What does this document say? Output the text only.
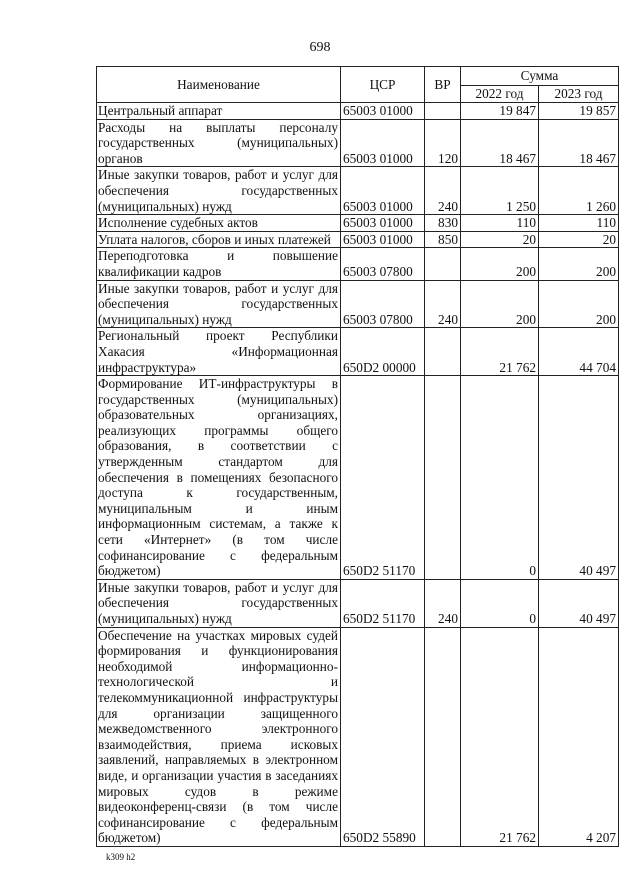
698
Наименование	ЦСР	ВР	Сумма	
			2022 год	2023 год
Центральный аппарат	65003 01000		19 847	19 857
Расходы на выплаты персоналу государственных (муниципальных) органов	65003 01000	120	18 467	18 467
Иные закупки товаров, работ и услуг для обеспечения государственных (муниципальных) нужд	65003 01000	240	1 250	1 260
Исполнение судебных актов	65003 01000	830	110	110
Уплата налогов, сборов и иных платежей	65003 01000	850	20	20
Переподготовка и повышение квалификации кадров	65003 07800		200	200
Иные закупки товаров, работ и услуг для обеспечения государственных (муниципальных) нужд	65003 07800	240	200	200
Региональный проект Республики Хакасия «Информационная инфраструктура»	650D2 00000		21 762	44 704
Формирование ИТ-инфраструктуры в государственных (муниципальных) образовательных организациях, реализующих программы общего образования, в соответствии с утвержденным стандартом для обеспечения в помещениях безопасного доступа к государственным, муниципальным и иным информационным системам, а также к сети «Интернет» (в том числе софинансирование с федеральным бюджетом)	650D2 51170		0	40 497
Иные закупки товаров, работ и услуг для обеспечения государственных (муниципальных) нужд	650D2 51170	240	0	40 497
Обеспечение на участках мировых судей формирования и функционирования необходимой информационно-технологической и телекоммуникационной инфраструктуры для организации защищенного межведомственного электронного взаимодействия, приема исковых заявлений, направляемых в электронном виде, и организации участия в заседаниях мировых судов в режиме видеоконференц-связи (в том числе софинансирование с федеральным бюджетом)	650D2 55890		21 762	4 207
k309 h2
